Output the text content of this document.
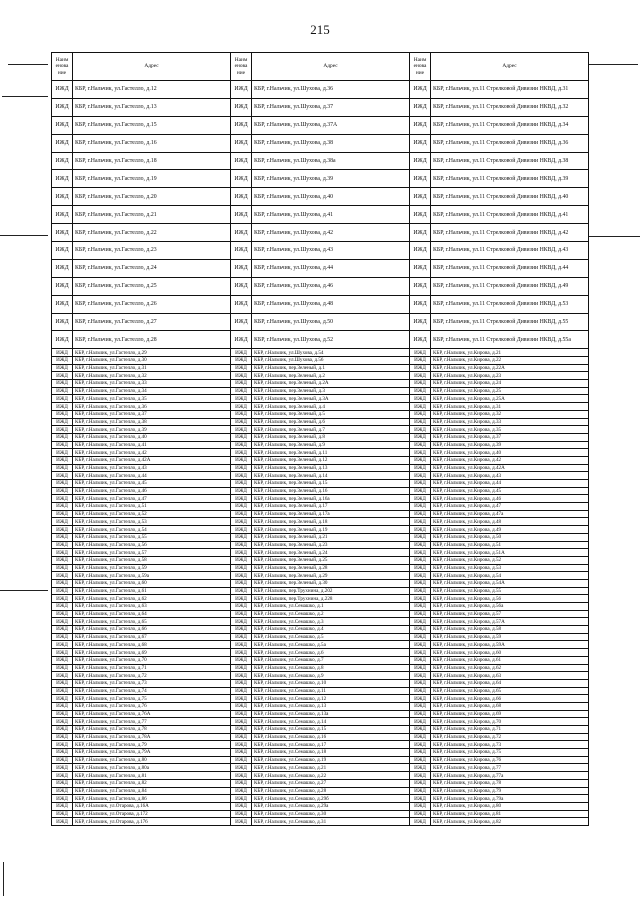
215
Наим енова ние	Адрес	Наим енова ние	Адрес	Наим енова ние	Адрес
ИЖД	КБР, г.Нальчик, ул.Гастелло, д.12	ИЖД	КБР, г.Нальчик, ул.Шухова, д.36	ИЖД	КБР, г.Нальчик, ул.11 Стрелковой Дивизии НКВД, д.31
ИЖД	КБР, г.Нальчик, ул.Гастелло, д.13	ИЖД	КБР, г.Нальчик, ул.Шухова, д.37	ИЖД	КБР, г.Нальчик, ул.11 Стрелковой Дивизии НКВД, д.32
ИЖД	КБР, г.Нальчик, ул.Гастелло, д.15	ИЖД	КБР, г.Нальчик, ул.Шухова, д.37А	ИЖД	КБР, г.Нальчик, ул.11 Стрелковой Дивизии НКВД, д.34
ИЖД	КБР, г.Нальчик, ул.Гастелло, д.16	ИЖД	КБР, г.Нальчик, ул.Шухова, д.38	ИЖД	КБР, г.Нальчик, ул.11 Стрелковой Дивизии НКВД, д.36
ИЖД	КБР, г.Нальчик, ул.Гастелло, д.18	ИЖД	КБР, г.Нальчик, ул.Шухова, д.38а	ИЖД	КБР, г.Нальчик, ул.11 Стрелковой Дивизии НКВД, д.38
ИЖД	КБР, г.Нальчик, ул.Гастелло, д.19	ИЖД	КБР, г.Нальчик, ул.Шухова, д.39	ИЖД	КБР, г.Нальчик, ул.11 Стрелковой Дивизии НКВД, д.39
ИЖД	КБР, г.Нальчик, ул.Гастелло, д.20	ИЖД	КБР, г.Нальчик, ул.Шухова, д.40	ИЖД	КБР, г.Нальчик, ул.11 Стрелковой Дивизии НКВД, д.40
ИЖД	КБР, г.Нальчик, ул.Гастелло, д.21	ИЖД	КБР, г.Нальчик, ул.Шухова, д.41	ИЖД	КБР, г.Нальчик, ул.11 Стрелковой Дивизии НКВД, д.41
ИЖД	КБР, г.Нальчик, ул.Гастелло, д.22	ИЖД	КБР, г.Нальчик, ул.Шухова, д.42	ИЖД	КБР, г.Нальчик, ул.11 Стрелковой Дивизии НКВД, д.42
ИЖД	КБР, г.Нальчик, ул.Гастелло, д.23	ИЖД	КБР, г.Нальчик, ул.Шухова, д.43	ИЖД	КБР, г.Нальчик, ул.11 Стрелковой Дивизии НКВД, д.43
ИЖД	КБР, г.Нальчик, ул.Гастелло, д.24	ИЖД	КБР, г.Нальчик, ул.Шухова, д.44	ИЖД	КБР, г.Нальчик, ул.11 Стрелковой Дивизии НКВД, д.44
ИЖД	КБР, г.Нальчик, ул.Гастелло, д.25	ИЖД	КБР, г.Нальчик, ул.Шухова, д.46	ИЖД	КБР, г.Нальчик, ул.11 Стрелковой Дивизии НКВД, д.49
ИЖД	КБР, г.Нальчик, ул.Гастелло, д.26	ИЖД	КБР, г.Нальчик, ул.Шухова, д.48	ИЖД	КБР, г.Нальчик, ул.11 Стрелковой Дивизии НКВД, д.53
ИЖД	КБР, г.Нальчик, ул.Гастелло, д.27	ИЖД	КБР, г.Нальчик, ул.Шухова, д.50	ИЖД	КБР, г.Нальчик, ул.11 Стрелковой Дивизии НКВД, д.55
ИЖД	КБР, г.Нальчик, ул.Гастелло, д.28	ИЖД	КБР, г.Нальчик, ул.Шухова, д.52	ИЖД	КБР, г.Нальчик, ул.11 Стрелковой Дивизии НКВД, д.55а
ИЖД	КБР, г.Нальчик, ул.Гастелло, д.29	ИЖД	КБР, г.Нальчик, ул.Шухова, д.54	ИЖД	КБР, г.Нальчик, ул.Кирова, д.21
ИЖД	КБР, г.Нальчик, ул.Гастелло, д.30	ИЖД	КБР, г.Нальчик, ул.Шухова, д.56	ИЖД	КБР, г.Нальчик, ул.Кирова, д.22
ИЖД	КБР, г.Нальчик, ул.Гастелло, д.31	ИЖД	КБР, г.Нальчик, пер.Зеленый, д.1	ИЖД	КБР, г.Нальчик, ул.Кирова, д.22А
ИЖД	КБР, г.Нальчик, ул.Гастелло, д.32	ИЖД	КБР, г.Нальчик, пер.Зеленый, д.2	ИЖД	КБР, г.Нальчик, ул.Кирова, д.23
ИЖД	КБР, г.Нальчик, ул.Гастелло, д.33	ИЖД	КБР, г.Нальчик, пер.Зеленый, д.2А	ИЖД	КБР, г.Нальчик, ул.Кирова, д.24
ИЖД	КБР, г.Нальчик, ул.Гастелло, д.34	ИЖД	КБР, г.Нальчик, пер.Зеленый, д.3	ИЖД	КБР, г.Нальчик, ул.Кирова, д.25
ИЖД	КБР, г.Нальчик, ул.Гастелло, д.35	ИЖД	КБР, г.Нальчик, пер.Зеленый, д.3А	ИЖД	КБР, г.Нальчик, ул.Кирова, д.25А
ИЖД	КБР, г.Нальчик, ул.Гастелло, д.36	ИЖД	КБР, г.Нальчик, пер.Зеленый, д.4	ИЖД	КБР, г.Нальчик, ул.Кирова, д.31
ИЖД	КБР, г.Нальчик, ул.Гастелло, д.37	ИЖД	КБР, г.Нальчик, пер.Зеленый, д.5	ИЖД	КБР, г.Нальчик, ул.Кирова, д.32
ИЖД	КБР, г.Нальчик, ул.Гастелло, д.38	ИЖД	КБР, г.Нальчик, пер.Зеленый, д.6	ИЖД	КБР, г.Нальчик, ул.Кирова, д.33
ИЖД	КБР, г.Нальчик, ул.Гастелло, д.39	ИЖД	КБР, г.Нальчик, пер.Зеленый, д.7	ИЖД	КБР, г.Нальчик, ул.Кирова, д.35
ИЖД	КБР, г.Нальчик, ул.Гастелло, д.40	ИЖД	КБР, г.Нальчик, пер.Зеленый, д.8	ИЖД	КБР, г.Нальчик, ул.Кирова, д.37
ИЖД	КБР, г.Нальчик, ул.Гастелло, д.41	ИЖД	КБР, г.Нальчик, пер.Зеленый, д.9	ИЖД	КБР, г.Нальчик, ул.Кирова, д.39
ИЖД	КБР, г.Нальчик, ул.Гастелло, д.42	ИЖД	КБР, г.Нальчик, пер.Зеленый, д.11	ИЖД	КБР, г.Нальчик, ул.Кирова, д.40
ИЖД	КБР, г.Нальчик, ул.Гастелло, д.42А	ИЖД	КБР, г.Нальчик, пер.Зеленый, д.12	ИЖД	КБР, г.Нальчик, ул.Кирова, д.42
ИЖД	КБР, г.Нальчик, ул.Гастелло, д.43	ИЖД	КБР, г.Нальчик, пер.Зеленый, д.13	ИЖД	КБР, г.Нальчик, ул.Кирова, д.42А
ИЖД	КБР, г.Нальчик, ул.Гастелло, д.44	ИЖД	КБР, г.Нальчик, пер.Зеленый, д.14	ИЖД	КБР, г.Нальчик, ул.Кирова, д.43
ИЖД	КБР, г.Нальчик, ул.Гастелло, д.45	ИЖД	КБР, г.Нальчик, пер.Зеленый, д.15	ИЖД	КБР, г.Нальчик, ул.Кирова, д.44
ИЖД	КБР, г.Нальчик, ул.Гастелло, д.46	ИЖД	КБР, г.Нальчик, пер.Зеленый, д.16	ИЖД	КБР, г.Нальчик, ул.Кирова, д.45
ИЖД	КБР, г.Нальчик, ул.Гастелло, д.47	ИЖД	КБР, г.Нальчик, пер.Зеленый, д.16а	ИЖД	КБР, г.Нальчик, ул.Кирова, д.46
ИЖД	КБР, г.Нальчик, ул.Гастелло, д.51	ИЖД	КБР, г.Нальчик, пер.Зеленый, д.17	ИЖД	КБР, г.Нальчик, ул.Кирова, д.47
ИЖД	КБР, г.Нальчик, ул.Гастелло, д.52	ИЖД	КБР, г.Нальчик, пер.Зеленый, д.17а	ИЖД	КБР, г.Нальчик, ул.Кирова, д.47а
ИЖД	КБР, г.Нальчик, ул.Гастелло, д.53	ИЖД	КБР, г.Нальчик, пер.Зеленый, д.18	ИЖД	КБР, г.Нальчик, ул.Кирова, д.48
ИЖД	КБР, г.Нальчик, ул.Гастелло, д.54	ИЖД	КБР, г.Нальчик, пер.Зеленый, д.19	ИЖД	КБР, г.Нальчик, ул.Кирова, д.49
ИЖД	КБР, г.Нальчик, ул.Гастелло, д.55	ИЖД	КБР, г.Нальчик, пер.Зеленый, д.21	ИЖД	КБР, г.Нальчик, ул.Кирова, д.50
ИЖД	КБР, г.Нальчик, ул.Гастелло, д.56	ИЖД	КБР, г.Нальчик, пер.Зеленый, д.23	ИЖД	КБР, г.Нальчик, ул.Кирова, д.51
ИЖД	КБР, г.Нальчик, ул.Гастелло, д.57	ИЖД	КБР, г.Нальчик, пер.Зеленый, д.24	ИЖД	КБР, г.Нальчик, ул.Кирова, д.51А
ИЖД	КБР, г.Нальчик, ул.Гастелло, д.58	ИЖД	КБР, г.Нальчик, пер.Зеленый, д.25	ИЖД	КБР, г.Нальчик, ул.Кирова, д.52
ИЖД	КБР, г.Нальчик, ул.Гастелло, д.59	ИЖД	КБР, г.Нальчик, пер.Зеленый, д.28	ИЖД	КБР, г.Нальчик, ул.Кирова, д.53
ИЖД	КБР, г.Нальчик, ул.Гастелло, д.59а	ИЖД	КБР, г.Нальчик, пер.Зеленый, д.29	ИЖД	КБР, г.Нальчик, ул.Кирова, д.54
ИЖД	КБР, г.Нальчик, ул.Гастелло, д.60	ИЖД	КБР, г.Нальчик, пер.Зеленый, д.30	ИЖД	КБР, г.Нальчик, ул.Кирова, д.54А
ИЖД	КБР, г.Нальчик, ул.Гастелло, д.61	ИЖД	КБР, г.Нальчик, пер.Трухнина, д.202	ИЖД	КБР, г.Нальчик, ул.Кирова, д.55
ИЖД	КБР, г.Нальчик, ул.Гастелло, д.62	ИЖД	КБР, г.Нальчик, пер.Трухнина, д.228	ИЖД	КБР, г.Нальчик, ул.Кирова, д.56
ИЖД	КБР, г.Нальчик, ул.Гастелло, д.63	ИЖД	КБР, г.Нальчик, ул.Семашко, д.1	ИЖД	КБР, г.Нальчик, ул.Кирова, д.56а
ИЖД	КБР, г.Нальчик, ул.Гастелло, д.64	ИЖД	КБР, г.Нальчик, ул.Семашко, д.2	ИЖД	КБР, г.Нальчик, ул.Кирова, д.57
ИЖД	КБР, г.Нальчик, ул.Гастелло, д.65	ИЖД	КБР, г.Нальчик, ул.Семашко, д.3	ИЖД	КБР, г.Нальчик, ул.Кирова, д.57А
ИЖД	КБР, г.Нальчик, ул.Гастелло, д.66	ИЖД	КБР, г.Нальчик, ул.Семашко, д.4	ИЖД	КБР, г.Нальчик, ул.Кирова, д.58
ИЖД	КБР, г.Нальчик, ул.Гастелло, д.67	ИЖД	КБР, г.Нальчик, ул.Семашко, д.5	ИЖД	КБР, г.Нальчик, ул.Кирова, д.59
ИЖД	КБР, г.Нальчик, ул.Гастелло, д.68	ИЖД	КБР, г.Нальчик, ул.Семашко, д.5а	ИЖД	КБР, г.Нальчик, ул.Кирова, д.59А
ИЖД	КБР, г.Нальчик, ул.Гастелло, д.69	ИЖД	КБР, г.Нальчик, ул.Семашко, д.6	ИЖД	КБР, г.Нальчик, ул.Кирова, д.60
ИЖД	КБР, г.Нальчик, ул.Гастелло, д.70	ИЖД	КБР, г.Нальчик, ул.Семашко, д.7	ИЖД	КБР, г.Нальчик, ул.Кирова, д.61
ИЖД	КБР, г.Нальчик, ул.Гастелло, д.71	ИЖД	КБР, г.Нальчик, ул.Семашко, д.8	ИЖД	КБР, г.Нальчик, ул.Кирова, д.62
ИЖД	КБР, г.Нальчик, ул.Гастелло, д.72	ИЖД	КБР, г.Нальчик, ул.Семашко, д.9	ИЖД	КБР, г.Нальчик, ул.Кирова, д.63
ИЖД	КБР, г.Нальчик, ул.Гастелло, д.73	ИЖД	КБР, г.Нальчик, ул.Семашко, д.10	ИЖД	КБР, г.Нальчик, ул.Кирова, д.64
ИЖД	КБР, г.Нальчик, ул.Гастелло, д.74	ИЖД	КБР, г.Нальчик, ул.Семашко, д.11	ИЖД	КБР, г.Нальчик, ул.Кирова, д.65
ИЖД	КБР, г.Нальчик, ул.Гастелло, д.75	ИЖД	КБР, г.Нальчик, ул.Семашко, д.12	ИЖД	КБР, г.Нальчик, ул.Кирова, д.66
ИЖД	КБР, г.Нальчик, ул.Гастелло, д.76	ИЖД	КБР, г.Нальчик, ул.Семашко, д.13	ИЖД	КБР, г.Нальчик, ул.Кирова, д.68
ИЖД	КБР, г.Нальчик, ул.Гастелло, д.76А	ИЖД	КБР, г.Нальчик, ул.Семашко, д.13а	ИЖД	КБР, г.Нальчик, ул.Кирова, д.69
ИЖД	КБР, г.Нальчик, ул.Гастелло, д.77	ИЖД	КБР, г.Нальчик, ул.Семашко, д.14	ИЖД	КБР, г.Нальчик, ул.Кирова, д.70
ИЖД	КБР, г.Нальчик, ул.Гастелло, д.78	ИЖД	КБР, г.Нальчик, ул.Семашко, д.15	ИЖД	КБР, г.Нальчик, ул.Кирова, д.71
ИЖД	КБР, г.Нальчик, ул.Гастелло, д.78А	ИЖД	КБР, г.Нальчик, ул.Семашко, д.16	ИЖД	КБР, г.Нальчик, ул.Кирова, д.72
ИЖД	КБР, г.Нальчик, ул.Гастелло, д.79	ИЖД	КБР, г.Нальчик, ул.Семашко, д.17	ИЖД	КБР, г.Нальчик, ул.Кирова, д.73
ИЖД	КБР, г.Нальчик, ул.Гастелло, д.79А	ИЖД	КБР, г.Нальчик, ул.Семашко, д.18	ИЖД	КБР, г.Нальчик, ул.Кирова, д.75
ИЖД	КБР, г.Нальчик, ул.Гастелло, д.80	ИЖД	КБР, г.Нальчик, ул.Семашко, д.19	ИЖД	КБР, г.Нальчик, ул.Кирова, д.76
ИЖД	КБР, г.Нальчик, ул.Гастелло, д.80а	ИЖД	КБР, г.Нальчик, ул.Семашко, д.21	ИЖД	КБР, г.Нальчик, ул.Кирова, д.77
ИЖД	КБР, г.Нальчик, ул.Гастелло, д.81	ИЖД	КБР, г.Нальчик, ул.Семашко, д.22	ИЖД	КБР, г.Нальчик, ул.Кирова, д.77а
ИЖД	КБР, г.Нальчик, ул.Гастелло, д.82	ИЖД	КБР, г.Нальчик, ул.Семашко, д.27	ИЖД	КБР, г.Нальчик, ул.Кирова, д.78
ИЖД	КБР, г.Нальчик, ул.Гастелло, д.84	ИЖД	КБР, г.Нальчик, ул.Семашко, д.28	ИЖД	КБР, г.Нальчик, ул.Кирова, д.79
ИЖД	КБР, г.Нальчик, ул.Гастелло, д.86	ИЖД	КБР, г.Нальчик, ул.Семашко, д.29б	ИЖД	КБР, г.Нальчик, ул.Кирова, д.79а
ИЖД	КБР, г.Нальчик, ул.Отарова, д.16А	ИЖД	КБР, г.Нальчик, ул.Семашко, д.29а	ИЖД	КБР, г.Нальчик, ул.Кирова, д.80
ИЖД	КБР, г.Нальчик, ул.Отарова, д.172	ИЖД	КБР, г.Нальчик, ул.Семашко, д.30	ИЖД	КБР, г.Нальчик, ул.Кирова, д.81
ИЖД	КБР, г.Нальчик, ул.Отарова, д.176	ИЖД	КБР, г.Нальчик, ул.Семашко, д.31	ИЖД	КБР, г.Нальчик, ул.Кирова, д.82
